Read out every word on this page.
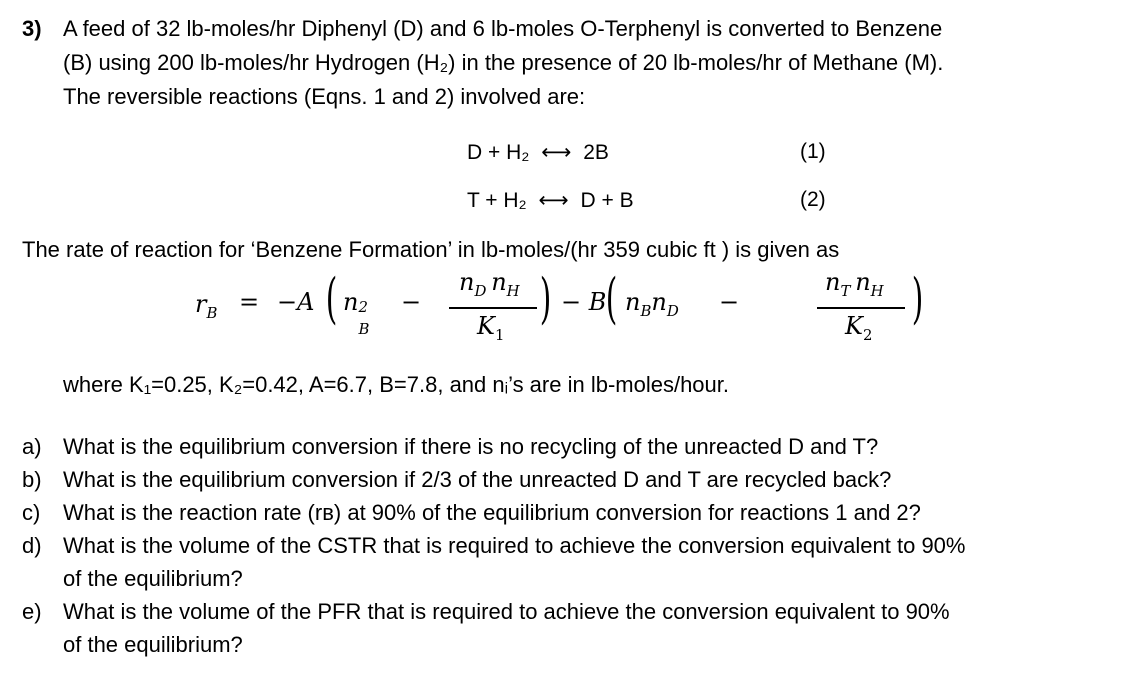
3) A feed of 32 lb-moles/hr Diphenyl (D) and 6 lb-moles O-Terphenyl is converted to Benzene
(B) using 200 lb-moles/hr Hydrogen (H₂) in the presence of 20 lb-moles/hr of Methane (M).
The reversible reactions (Eqns. 1 and 2) involved are:
D + H₂ ⟷ 2B	(1)
T + H₂ ⟷ D + B	(2)
The rate of reaction for ‘Benzene Formation’ in lb-moles/(hr 359 cubic ft ) is given as
$r_B = -A$ ( n 2
B
−
$n_D$  $n_H$
$K_1$
) − B ( $n_Bn_D$ −
$n_T$  $n_H$
$K_2$
)
where K₁=0.25, K₂=0.42, A=6.7, B=7.8, and nᵢ’s are in lb-moles/hour.
a) What is the equilibrium conversion if there is no recycling of the unreacted D and T?
b) What is the equilibrium conversion if 2/3 of the unreacted D and T are recycled back?
c) What is the reaction rate (rʙ) at 90% of the equilibrium conversion for reactions 1 and 2?
d) What is the volume of the CSTR that is required to achieve the conversion equivalent to 90%
of the equilibrium?
e) What is the volume of the PFR that is required to achieve the conversion equivalent to 90%
of the equilibrium?
